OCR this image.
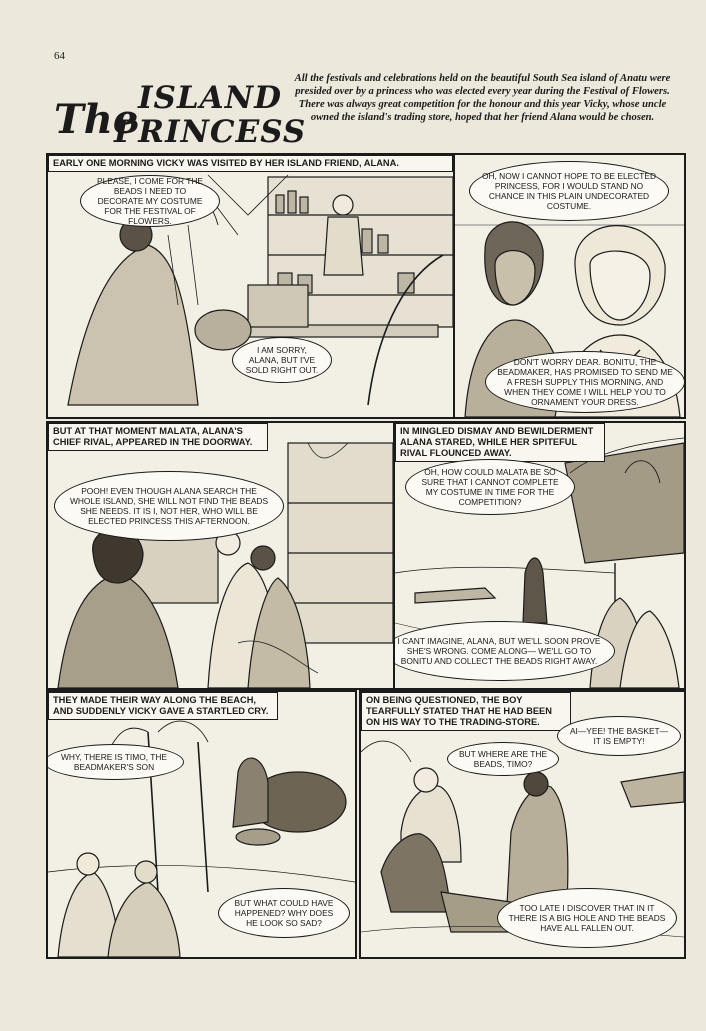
64
The ISLAND
PRINCESS
All the festivals and celebrations held on the beautiful South Sea island of Anatu were presided over by a princess who was elected every year during the Festival of Flowers. There was always great competition for the honour and this year Vicky, whose uncle owned the island's trading store, hoped that her friend Alana would be chosen.
EARLY ONE MORNING VICKY WAS VISITED BY HER ISLAND FRIEND, ALANA.
PLEASE, I COME FOR THE BEADS I NEED TO DECORATE MY COSTUME FOR THE FESTIVAL OF FLOWERS.
I AM SORRY, ALANA, BUT I'VE SOLD RIGHT OUT.
OH, NOW I CANNOT HOPE TO BE ELECTED PRINCESS, FOR I WOULD STAND NO CHANCE IN THIS PLAIN UNDECORATED COSTUME.
DON'T WORRY DEAR. BONITU, THE BEADMAKER, HAS PROMISED TO SEND ME A FRESH SUPPLY THIS MORNING, AND WHEN THEY COME I WILL HELP YOU TO ORNAMENT YOUR DRESS.
BUT AT THAT MOMENT MALATA, ALANA'S CHIEF RIVAL, APPEARED IN THE DOORWAY.
POOH! EVEN THOUGH ALANA SEARCH THE WHOLE ISLAND, SHE WILL NOT FIND THE BEADS SHE NEEDS. IT IS I, NOT HER, WHO WILL BE ELECTED PRINCESS THIS AFTERNOON.
IN MINGLED DISMAY AND BEWILDERMENT ALANA STARED, WHILE HER SPITEFUL RIVAL FLOUNCED AWAY.
OH, HOW COULD MALATA BE SO SURE THAT I CANNOT COMPLETE MY COSTUME IN TIME FOR THE COMPETITION?
I CANT IMAGINE, ALANA, BUT WE'LL SOON PROVE SHE'S WRONG. COME ALONG— WE'LL GO TO BONITU AND COLLECT THE BEADS RIGHT AWAY.
THEY MADE THEIR WAY ALONG THE BEACH, AND SUDDENLY VICKY GAVE A STARTLED CRY.
WHY, THERE IS TIMO, THE BEADMAKER'S SON
BUT WHAT COULD HAVE HAPPENED? WHY DOES HE LOOK SO SAD?
ON BEING QUESTIONED, THE BOY TEARFULLY STATED THAT HE HAD BEEN ON HIS WAY TO THE TRADING-STORE.
AI—YEE! THE BASKET— IT IS EMPTY!
BUT WHERE ARE THE BEADS, TIMO?
TOO LATE I DISCOVER THAT IN IT THERE IS A BIG HOLE AND THE BEADS HAVE ALL FALLEN OUT.
